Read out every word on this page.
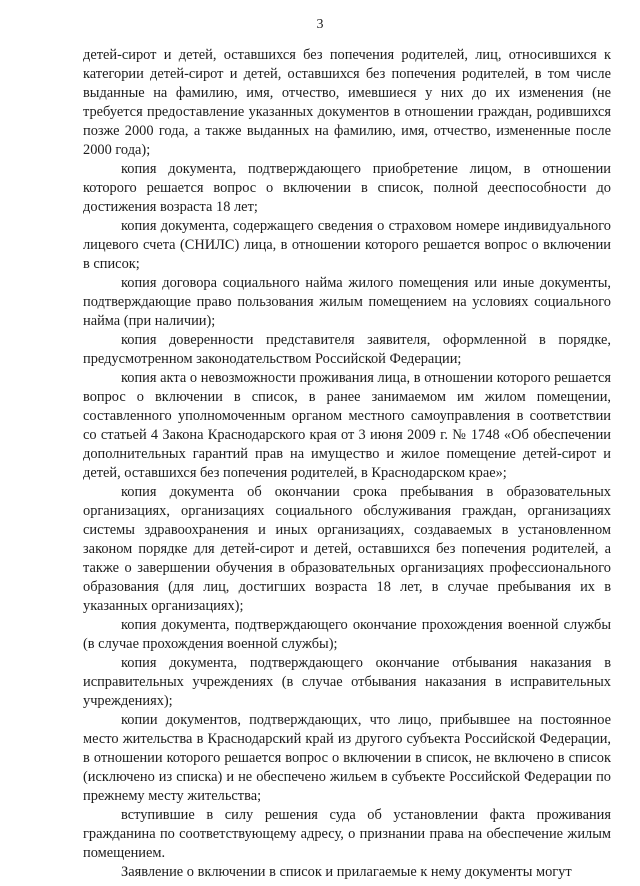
3

детей-сирот и детей, оставшихся без попечения родителей, лиц, относившихся к категории детей-сирот и детей, оставшихся без попечения родителей, в том числе выданные на фамилию, имя, отчество, имевшиеся у них до их изменения (не требуется предоставление указанных документов в отношении граждан, родившихся позже 2000 года, а также выданных на фамилию, имя, отчество, измененные после 2000 года);

копия документа, подтверждающего приобретение лицом, в отношении которого решается вопрос о включении в список, полной дееспособности до достижения возраста 18 лет;

копия документа, содержащего сведения о страховом номере индивидуального лицевого счета (СНИЛС) лица, в отношении которого решается вопрос о включении в список;

копия договора социального найма жилого помещения или иные документы, подтверждающие право пользования жилым помещением на условиях социального найма (при наличии);

копия доверенности представителя заявителя, оформленной в порядке, предусмотренном законодательством Российской Федерации;

копия акта о невозможности проживания лица, в отношении которого решается вопрос о включении в список, в ранее занимаемом им жилом помещении, составленного уполномоченным органом местного самоуправления в соответствии со статьей 4 Закона Краснодарского края от 3 июня 2009 г. № 1748 «Об обеспечении дополнительных гарантий прав на имущество и жилое помещение детей-сирот и детей, оставшихся без попечения родителей, в Краснодарском крае»;

копия документа об окончании срока пребывания в образовательных организациях, организациях социального обслуживания граждан, организациях системы здравоохранения и иных организациях, создаваемых в установленном законом порядке для детей-сирот и детей, оставшихся без попечения родителей, а также о завершении обучения в образовательных организациях профессионального образования (для лиц, достигших возраста 18 лет, в случае пребывания их в указанных организациях);

копия документа, подтверждающего окончание прохождения военной службы (в случае прохождения военной службы);

копия документа, подтверждающего окончание отбывания наказания в исправительных учреждениях (в случае отбывания наказания в исправительных учреждениях);

копии документов, подтверждающих, что лицо, прибывшее на постоянное место жительства в Краснодарский край из другого субъекта Российской Федерации, в отношении которого решается вопрос о включении в список, не включено в список (исключено из списка) и не обеспечено жильем в субъекте Российской Федерации по прежнему месту жительства;

вступившие в силу решения суда об установлении факта проживания гражданина по соответствующему адресу, о признании права на обеспечение жилым помещением.

Заявление о включении в список и прилагаемые к нему документы могут
